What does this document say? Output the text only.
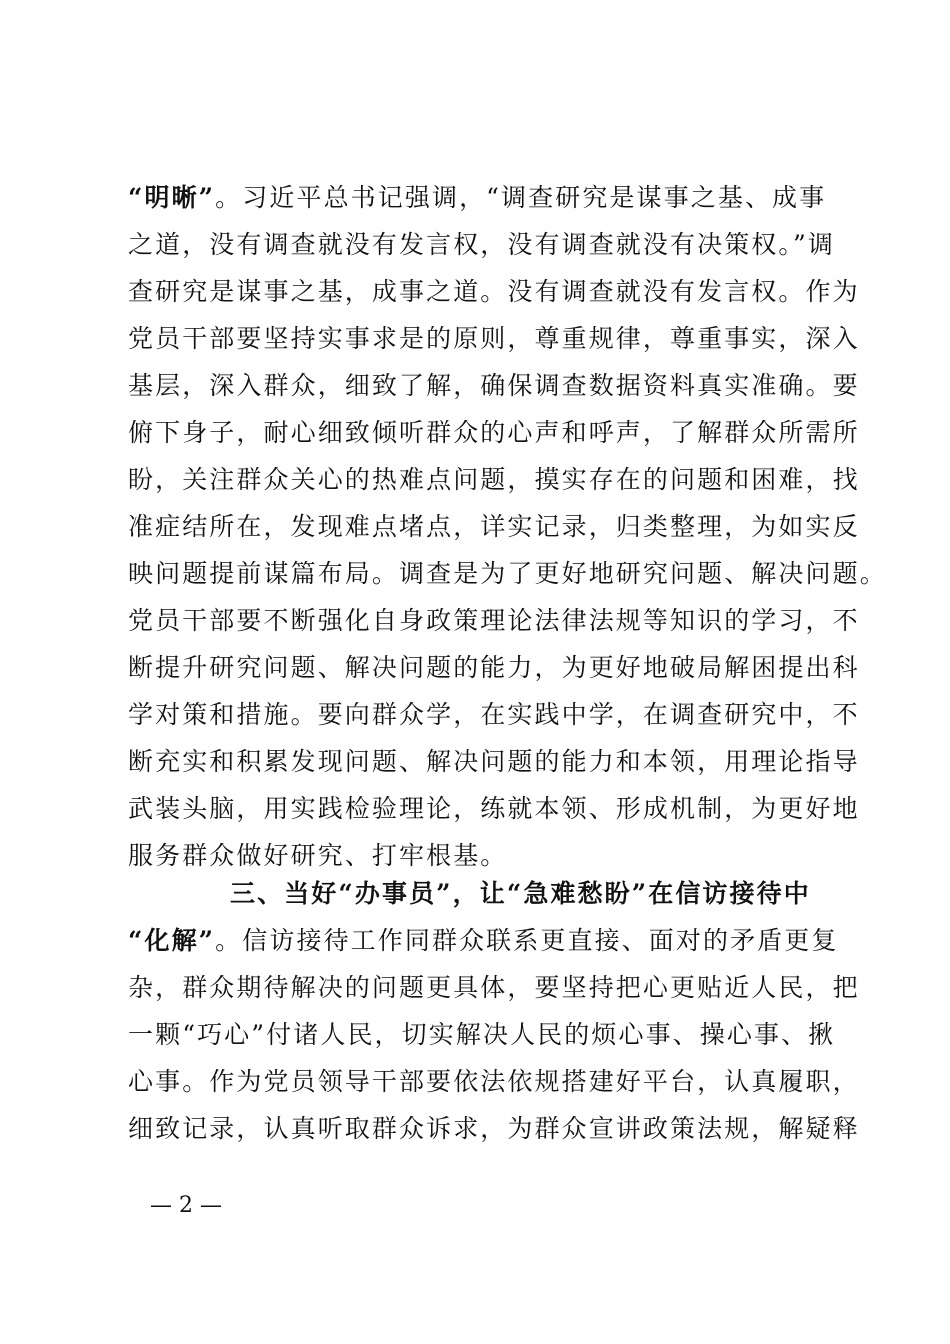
“明晰”。习近平总书记强调，“调查研究是谋事之基、成事
之道，没有调查就没有发言权，没有调查就没有决策权。”调
查研究是谋事之基，成事之道。没有调查就没有发言权。作为
党员干部要坚持实事求是的原则，尊重规律，尊重事实，深入
基层，深入群众，细致了解，确保调查数据资料真实准确。要
俯下身子，耐心细致倾听群众的心声和呼声，了解群众所需所
盼，关注群众关心的热难点问题，摸实存在的问题和困难，找
准症结所在，发现难点堵点，详实记录，归类整理，为如实反
映问题提前谋篇布局。调查是为了更好地研究问题、解决问题。
党员干部要不断强化自身政策理论法律法规等知识的学习，不
断提升研究问题、解决问题的能力，为更好地破局解困提出科
学对策和措施。要向群众学，在实践中学，在调查研究中，不
断充实和积累发现问题、解决问题的能力和本领，用理论指导
武装头脑，用实践检验理论，练就本领、形成机制，为更好地
服务群众做好研究、打牢根基。
三、当好“办事员”，让“急难愁盼”在信访接待中
“化解”。信访接待工作同群众联系更直接、面对的矛盾更复
杂，群众期待解决的问题更具体，要坚持把心更贴近人民，把
一颗“巧心”付诸人民，切实解决人民的烦心事、操心事、揪
心事。作为党员领导干部要依法依规搭建好平台，认真履职，
细致记录，认真听取群众诉求，为群众宣讲政策法规，解疑释
— 2 —
